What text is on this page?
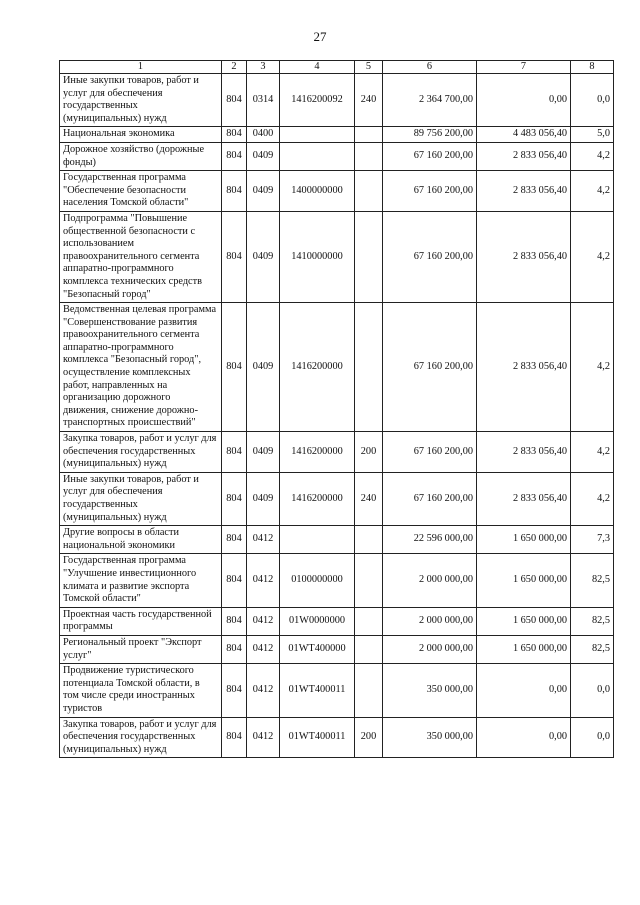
27
1	2	3	4	5	6	7	8
Иные закупки товаров, работ и услуг для обеспечения государственных (муниципальных) нужд	804	0314	1416200092	240	2 364 700,00	0,00	0,0
Национальная экономика	804	0400			89 756 200,00	4 483 056,40	5,0
Дорожное хозяйство (дорожные фонды)	804	0409			67 160 200,00	2 833 056,40	4,2
Государственная программа "Обеспечение безопасности населения Томской области"	804	0409	1400000000		67 160 200,00	2 833 056,40	4,2
Подпрограмма "Повышение общественной безопасности с использованием правоохранительного сегмента аппаратно-программного комплекса технических средств "Безопасный город"	804	0409	1410000000		67 160 200,00	2 833 056,40	4,2
Ведомственная целевая программа "Совершенствование развития правоохранительного сегмента аппаратно-программного комплекса "Безопасный город", осуществление комплексных работ, направленных на организацию дорожного движения, снижение дорожно-транспортных происшествий"	804	0409	1416200000		67 160 200,00	2 833 056,40	4,2
Закупка товаров, работ и услуг для обеспечения государственных (муниципальных) нужд	804	0409	1416200000	200	67 160 200,00	2 833 056,40	4,2
Иные закупки товаров, работ и услуг для обеспечения государственных (муниципальных) нужд	804	0409	1416200000	240	67 160 200,00	2 833 056,40	4,2
Другие вопросы в области национальной экономики	804	0412			22 596 000,00	1 650 000,00	7,3
Государственная программа "Улучшение инвестиционного климата и развитие экспорта Томской области"	804	0412	0100000000		2 000 000,00	1 650 000,00	82,5
Проектная часть государственной программы	804	0412	01W0000000		2 000 000,00	1 650 000,00	82,5
Региональный проект "Экспорт услуг"	804	0412	01WT400000		2 000 000,00	1 650 000,00	82,5
Продвижение туристического потенциала Томской области, в том числе среди иностранных туристов	804	0412	01WT400011		350 000,00	0,00	0,0
Закупка товаров, работ и услуг для обеспечения государственных (муниципальных) нужд	804	0412	01WT400011	200	350 000,00	0,00	0,0
